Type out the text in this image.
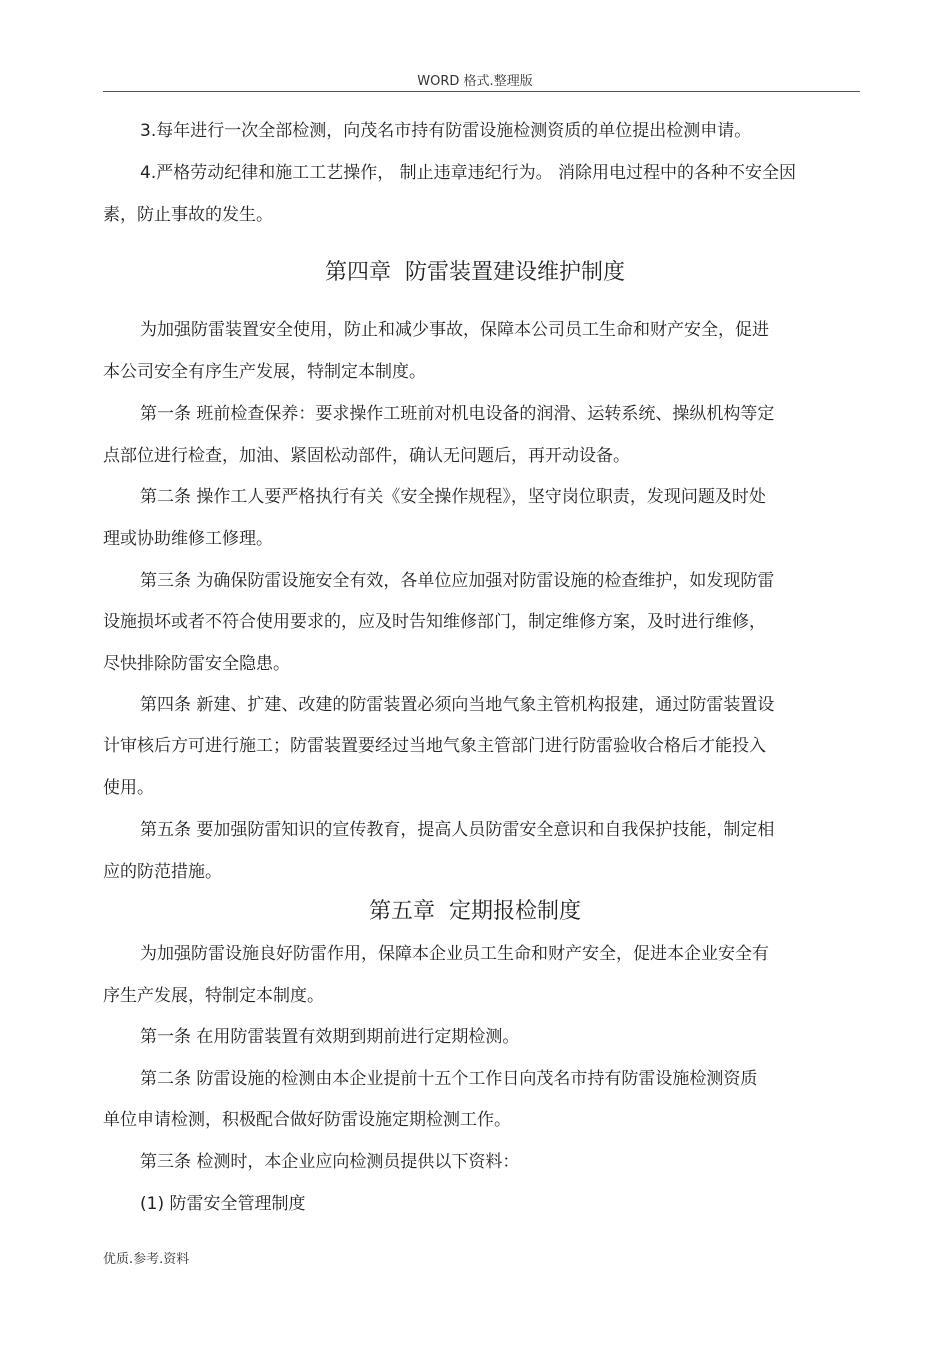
WORD 格式.整理版
3.每年进行一次全部检测，向茂名市持有防雷设施检测资质的单位提出检测申请。
4.严格劳动纪律和施工工艺操作， 制止违章违纪行为。 消除用电过程中的各种不安全因
素，防止事故的发生。
第四章 防雷装置建设维护制度
为加强防雷装置安全使用，防止和减少事故，保障本公司员工生命和财产安全，促进
本公司安全有序生产发展，特制定本制度。
第一条 班前检查保养：要求操作工班前对机电设备的润滑、运转系统、操纵机构等定
点部位进行检查，加油、紧固松动部件，确认无问题后，再开动设备。
第二条 操作工人要严格执行有关《安全操作规程》，坚守岗位职责，发现问题及时处
理或协助维修工修理。
第三条 为确保防雷设施安全有效，各单位应加强对防雷设施的检查维护，如发现防雷
设施损坏或者不符合使用要求的，应及时告知维修部门，制定维修方案，及时进行维修，
尽快排除防雷安全隐患。
第四条 新建、扩建、改建的防雷装置必须向当地气象主管机构报建，通过防雷装置设
计审核后方可进行施工；防雷装置要经过当地气象主管部门进行防雷验收合格后才能投入
使用。
第五条 要加强防雷知识的宣传教育，提高人员防雷安全意识和自我保护技能，制定相
应的防范措施。
第五章 定期报检制度
为加强防雷设施良好防雷作用，保障本企业员工生命和财产安全，促进本企业安全有
序生产发展，特制定本制度。
第一条 在用防雷装置有效期到期前进行定期检测。
第二条 防雷设施的检测由本企业提前十五个工作日向茂名市持有防雷设施检测资质
单位申请检测，积极配合做好防雷设施定期检测工作。
第三条 检测时，本企业应向检测员提供以下资料：
(1) 防雷安全管理制度
优质.参考.资料
